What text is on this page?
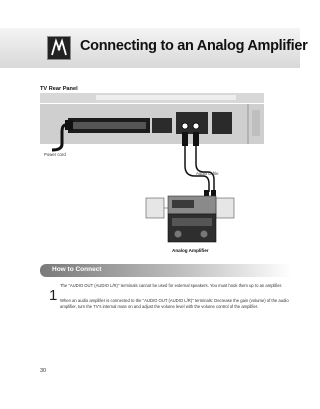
Connecting to an Analog Amplifier
TV Rear Panel
Power cord
Audio cable
Analog Amplifier
How to Connect
1

The "AUDIO OUT (AUDIO L/R)" terminals cannot be used for external speakers. You must hook them up to an amplifier.

When an audio amplifier is connected to the "AUDIO OUT (AUDIO L/R)" terminals: Decrease the gain (volume) of the audio amplifier, turn the TV's internal mute on and adjust the volume level with the volume control of the amplifier.

30
